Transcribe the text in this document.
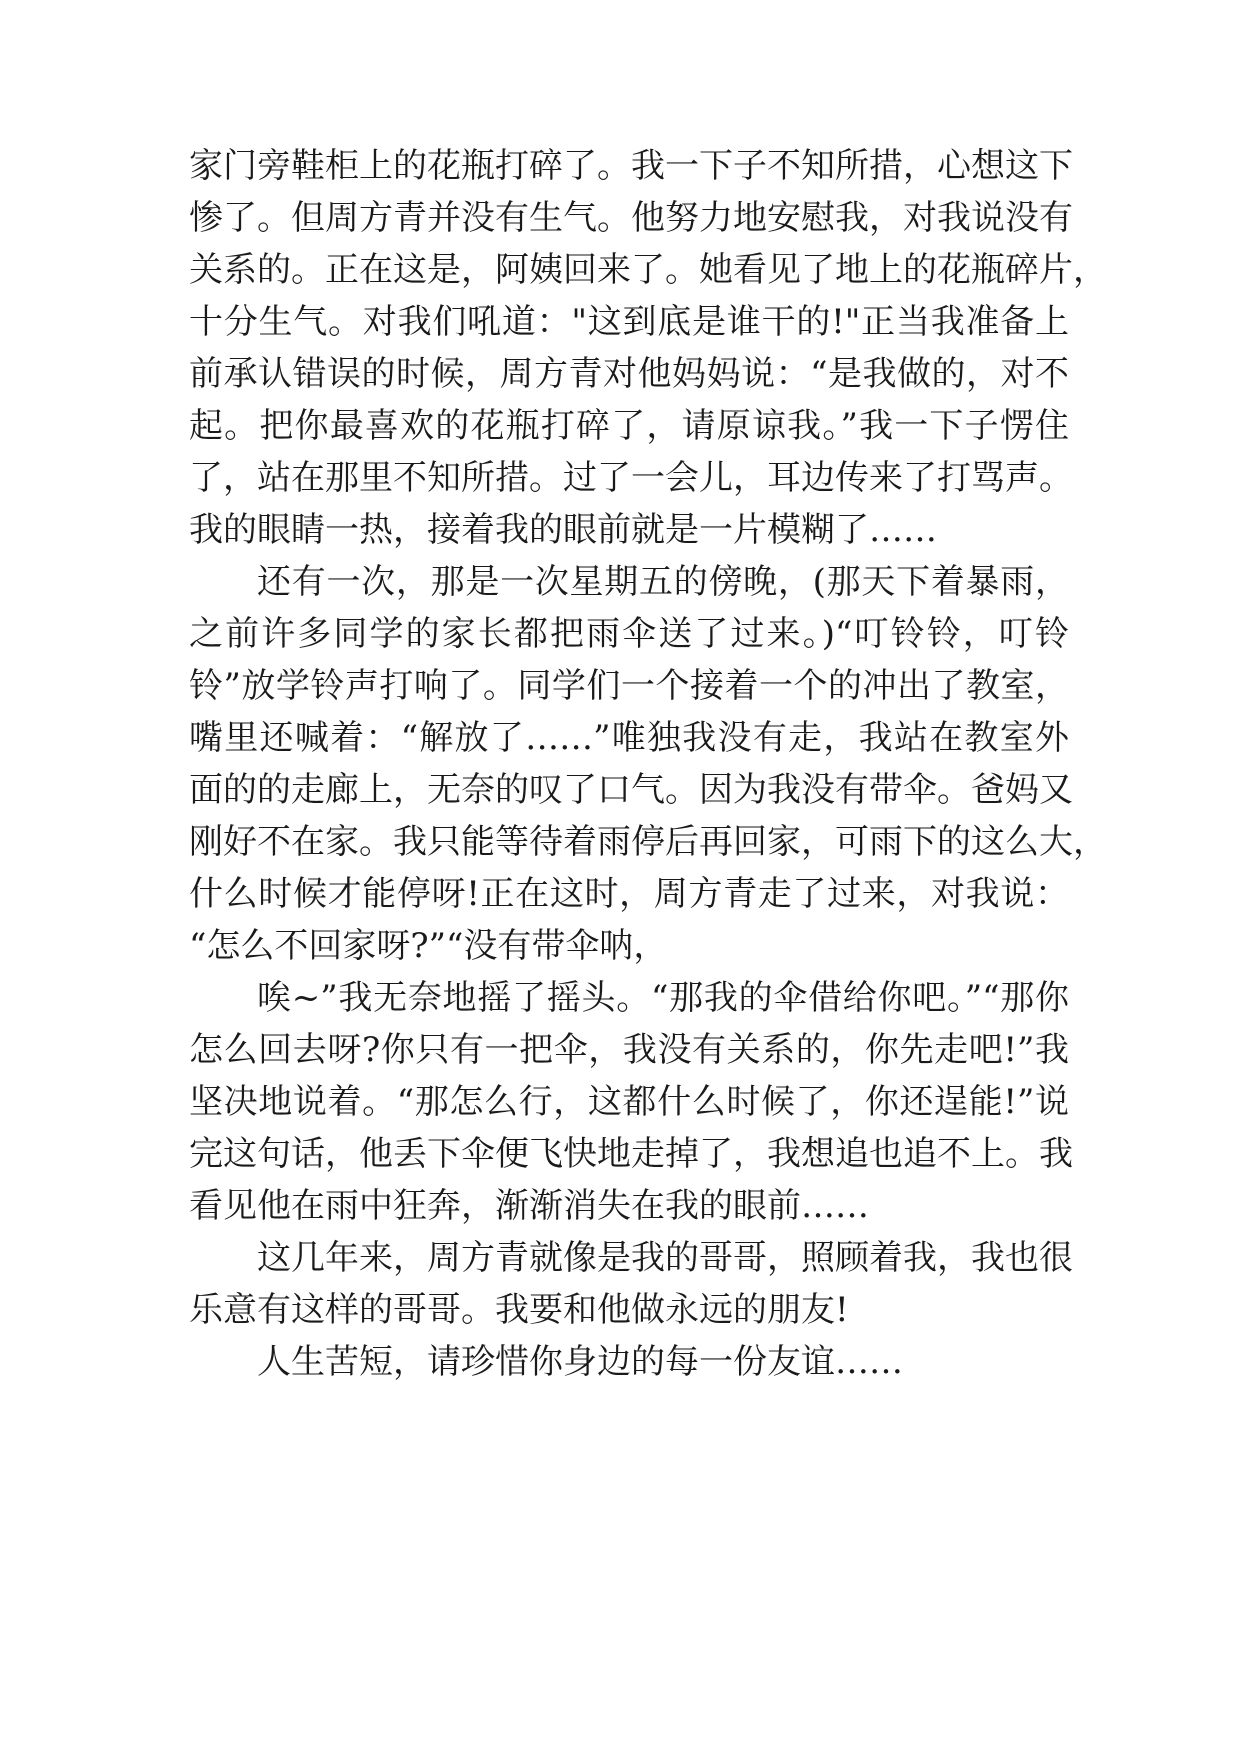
家门旁鞋柜上的花瓶打碎了。我一下子不知所措，心想这下
惨了。但周方青并没有生气。他努力地安慰我，对我说没有
关系的。正在这是，阿姨回来了。她看见了地上的花瓶碎片，
十分生气。对我们吼道："这到底是谁干的!"正当我准备上
前承认错误的时候，周方青对他妈妈说：“是我做的，对不
起。把你最喜欢的花瓶打碎了，请原谅我。”我一下子愣住
了，站在那里不知所措。过了一会儿，耳边传来了打骂声。
我的眼睛一热，接着我的眼前就是一片模糊了……
还有一次，那是一次星期五的傍晚，(那天下着暴雨，
之前许多同学的家长都把雨伞送了过来。)“叮铃铃，叮铃
铃”放学铃声打响了。同学们一个接着一个的冲出了教室，
嘴里还喊着：“解放了……”唯独我没有走，我站在教室外
面的的走廊上，无奈的叹了口气。因为我没有带伞。爸妈又
刚好不在家。我只能等待着雨停后再回家，可雨下的这么大，
什么时候才能停呀!正在这时，周方青走了过来，对我说：
“怎么不回家呀?”“没有带伞呐，
唉~”我无奈地摇了摇头。“那我的伞借给你吧。”“那你
怎么回去呀?你只有一把伞，我没有关系的，你先走吧!”我
坚决地说着。“那怎么行，这都什么时候了，你还逞能!”说
完这句话，他丢下伞便飞快地走掉了，我想追也追不上。我
看见他在雨中狂奔，渐渐消失在我的眼前……
这几年来，周方青就像是我的哥哥，照顾着我，我也很
乐意有这样的哥哥。我要和他做永远的朋友!
人生苦短，请珍惜你身边的每一份友谊……
